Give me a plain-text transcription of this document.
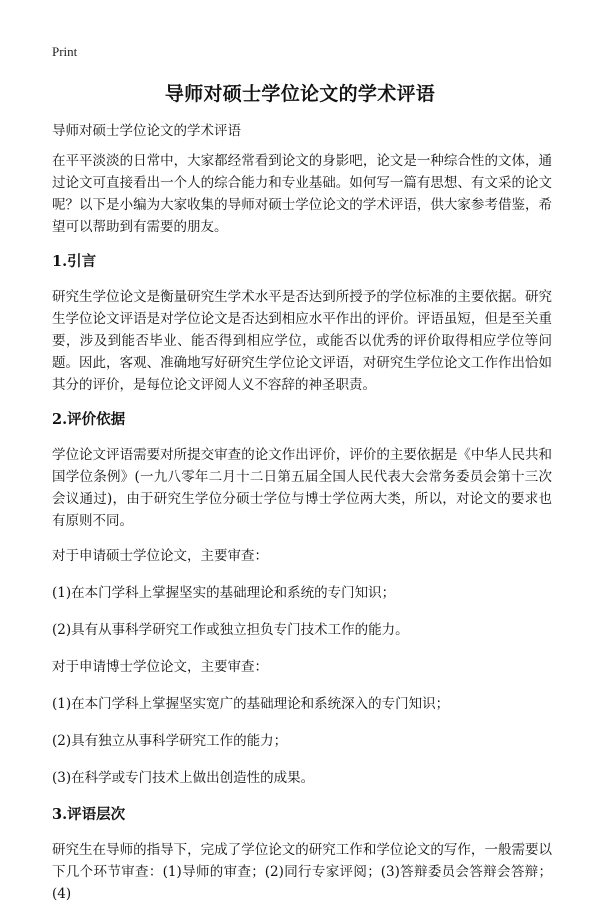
Print
导师对硕士学位论文的学术评语
导师对硕士学位论文的学术评语

在平平淡淡的日常中，大家都经常看到论文的身影吧，论文是一种综合性的文体，通过论文可直接看出一个人的综合能力和专业基础。如何写一篇有思想、有文采的论文呢？以下是小编为大家收集的导师对硕士学位论文的学术评语，供大家参考借鉴，希望可以帮助到有需要的朋友。

1.引言

研究生学位论文是衡量研究生学术水平是否达到所授予的学位标准的主要依据。研究生学位论文评语是对学位论文是否达到相应水平作出的评价。评语虽短，但是至关重要，涉及到能否毕业、能否得到相应学位，或能否以优秀的评价取得相应学位等问题。因此，客观、准确地写好研究生学位论文评语，对研究生学位论文工作作出恰如其分的评价，是每位论文评阅人义不容辞的神圣职责。

2.评价依据

学位论文评语需要对所提交审查的论文作出评价，评价的主要依据是《中华人民共和国学位条例》(一九八零年二月十二日第五届全国人民代表大会常务委员会第十三次会议通过)，由于研究生学位分硕士学位与博士学位两大类，所以，对论文的要求也有原则不同。

对于申请硕士学位论文，主要审查：
(1)在本门学科上掌握坚实的基础理论和系统的专门知识；
(2)具有从事科学研究工作或独立担负专门技术工作的能力。
对于申请博士学位论文，主要审查：
(1)在本门学科上掌握坚实宽广的基础理论和系统深入的专门知识；
(2)具有独立从事科学研究工作的能力；
(3)在科学或专门技术上做出创造性的成果。
3.评语层次

研究生在导师的指导下，完成了学位论文的研究工作和学位论文的写作，一般需要以下几个环节审查：(1)导师的审查；(2)同行专家评阅；(3)答辩委员会答辩会答辩；(4)
